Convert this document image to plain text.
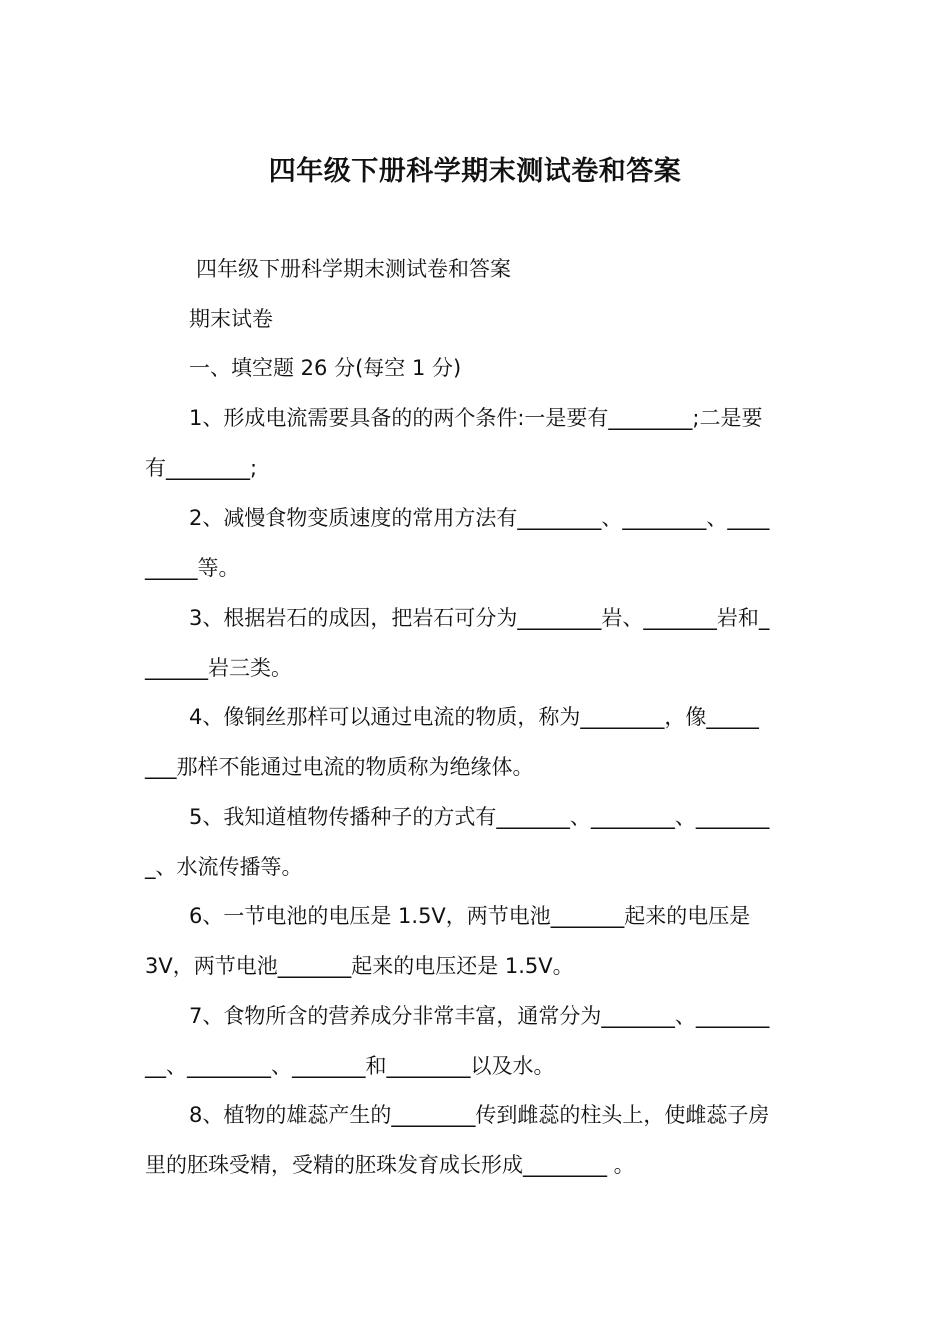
四年级下册科学期末测试卷和答案
四年级下册科学期末测试卷和答案
期末试卷
一、填空题 26 分(每空 1 分)
1、形成电流需要具备的的两个条件:一是要有________;二是要
有________;
2、减慢食物变质速度的常用方法有________、________、____
_____等。
3、根据岩石的成因，把岩石可分为________岩、_______岩和_
______岩三类。
4、像铜丝那样可以通过电流的物质，称为________，像_____
___那样不能通过电流的物质称为绝缘体。
5、我知道植物传播种子的方式有_______、________、_______
_、水流传播等。
6、一节电池的电压是 1.5V，两节电池_______起来的电压是
3V，两节电池_______起来的电压还是 1.5V。
7、食物所含的营养成分非常丰富，通常分为_______、_______
__、________、_______和________以及水。
8、植物的雄蕊产生的________传到雌蕊的柱头上，使雌蕊子房
里的胚珠受精，受精的胚珠发育成长形成________ 。
